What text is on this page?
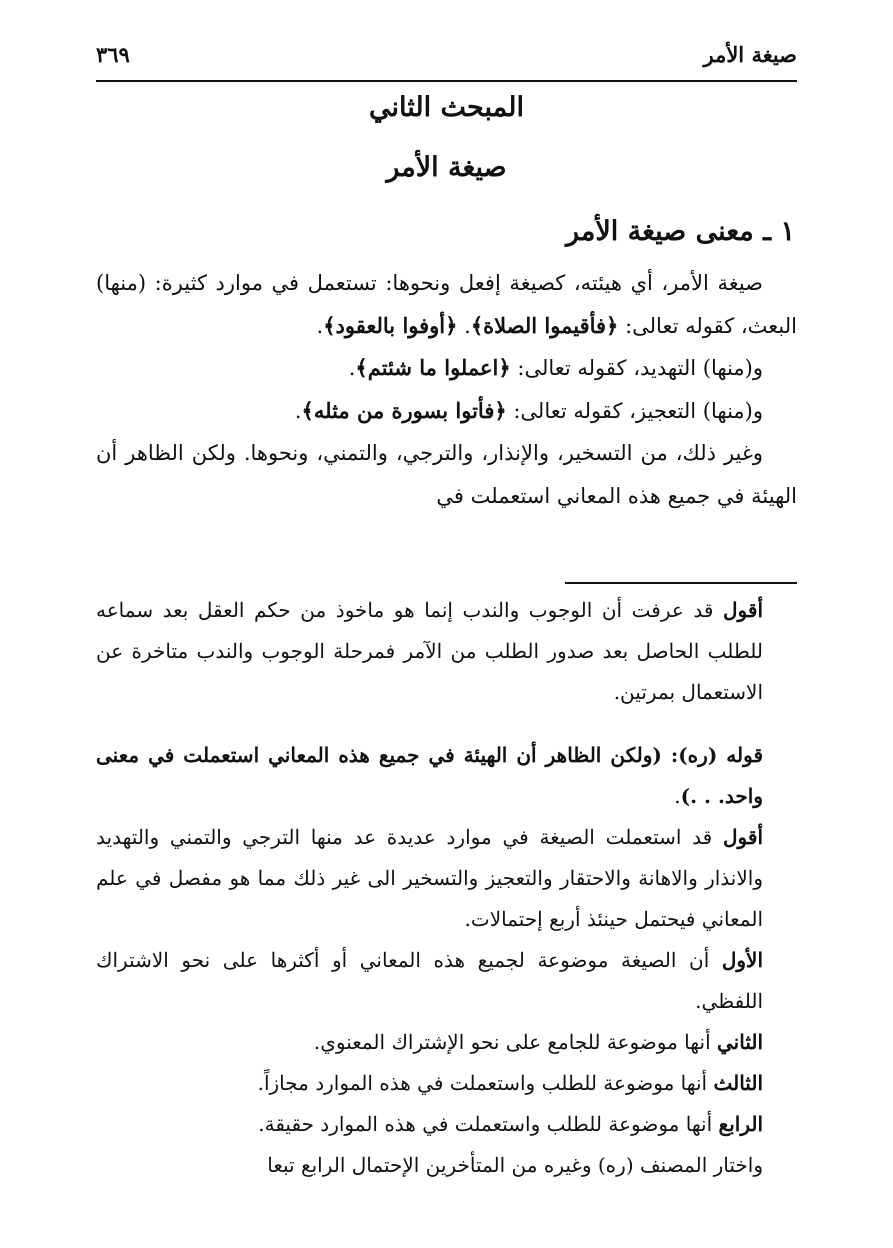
صيغة الأمر
٣٦٩
المبحث الثاني
صيغة الأمر
١ ـ معنى صيغة الأمر

صيغة الأمر، أي هيئته، كصيغة إفعل ونحوها: تستعمل في موارد كثيرة: (منها) البعث، كقوله تعالى: ﴿فأقيموا الصلاة﴾. ﴿أوفوا بالعقود﴾.

و(منها) التهديد، كقوله تعالى: ﴿اعملوا ما شئتم﴾.

و(منها) التعجيز، كقوله تعالى: ﴿فأتوا بسورة من مثله﴾.

وغير ذلك، من التسخير، والإنذار، والترجي، والتمني، ونحوها. ولكن الظاهر أن الهيئة في جميع هذه المعاني استعملت في

أقول قد عرفت أن الوجوب والندب إنما هو ماخوذ من حكم العقل بعد سماعه للطلب الحاصل بعد صدور الطلب من الآمر فمرحلة الوجوب والندب متاخرة عن الاستعمال بمرتين.

قوله (ره): (ولكن الظاهر أن الهيئة في جميع هذه المعاني استعملت في معنى واحد. . .).

أقول قد استعملت الصيغة في موارد عديدة عد منها الترجي والتمني والتهديد والانذار والاهانة والاحتقار والتعجيز والتسخير الى غير ذلك مما هو مفصل في علم المعاني فيحتمل حينئذ أربع إحتمالات.

الأول أن الصيغة موضوعة لجميع هذه المعاني أو أكثرها على نحو الاشتراك اللفظي.

الثاني أنها موضوعة للجامع على نحو الإشتراك المعنوي.

الثالث أنها موضوعة للطلب واستعملت في هذه الموارد مجازاً.

الرابع أنها موضوعة للطلب واستعملت في هذه الموارد حقيقة.

واختار المصنف (ره) وغيره من المتأخرين الإحتمال الرابع تبعا
